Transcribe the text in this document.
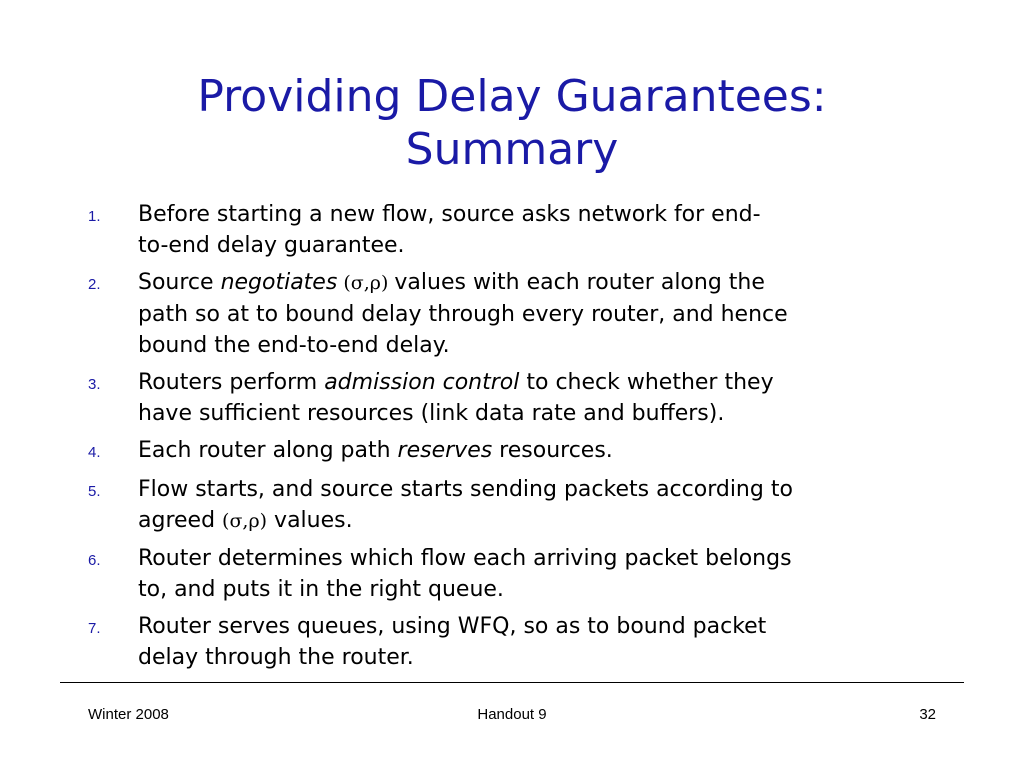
Providing Delay Guarantees:
Summary
1.	Before starting a new flow, source asks network for end-
to-end delay guarantee.
2.	Source negotiates (σ,ρ) values with each router along the
path so at to bound delay through every router, and hence
bound the end-to-end delay.
3.	Routers perform admission control to check whether they
have sufficient resources (link data rate and buffers).
4.	Each router along path reserves resources.
5.	Flow starts, and source starts sending packets according to
agreed (σ,ρ) values.
6.	Router determines which flow each arriving packet belongs
to, and puts it in the right queue.
7.	Router serves queues, using WFQ, so as to bound packet
delay through the router.
Winter 2008	Handout 9	32
